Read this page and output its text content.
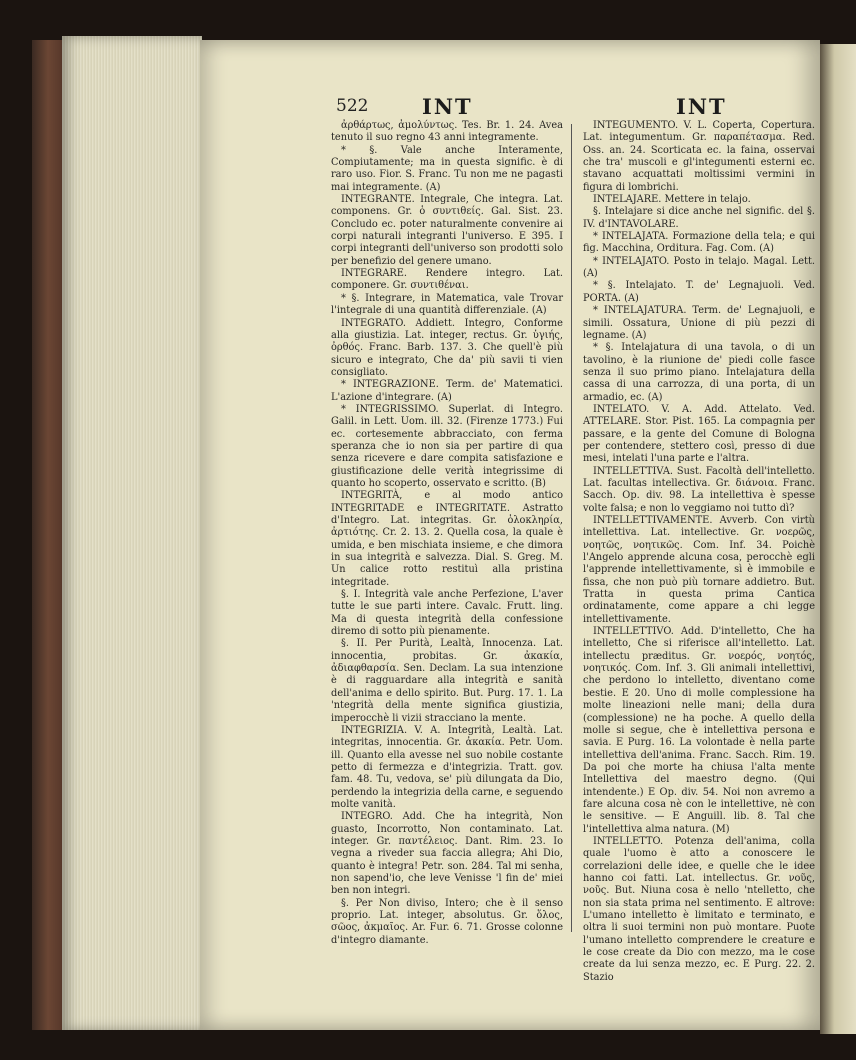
522	INT	INT

ἀρθάρτως, ἀμολύντως. Tes. Br. 1. 24. Avea tenuto il suo regno 43 anni integramente.

* §. Vale anche Interamente, Compiutamente; ma in questa signific. è di raro uso. Fior. S. Franc. Tu non me ne pagasti mai integramente. (A)

INTEGRANTE. Integrale, Che integra. Lat. componens. Gr. ὁ συντιθείς. Gal. Sist. 23. Concludo ec. poter naturalmente convenire ai corpi naturali integranti l'universo. E 395. I corpi integranti dell'universo son prodotti solo per benefizio del genere umano.

INTEGRARE. Rendere integro. Lat. componere. Gr. συντιθέναι.

* §. Integrare, in Matematica, vale Trovar l'integrale di una quantità differenziale. (A)

INTEGRATO. Addiett. Integro, Conforme alla giustizia. Lat. integer, rectus. Gr. ὑγιής, ὀρθός. Franc. Barb. 137. 3. Che quell'è più sicuro e integrato, Che da' più savii ti vien consigliato.

* INTEGRAZIONE. Term. de' Matematici. L'azione d'integrare. (A)

* INTEGRISSIMO. Superlat. di Integro. Galil. in Lett. Uom. ill. 32. (Firenze 1773.) Fui ec. cortesemente abbracciato, con ferma speranza che io non sia per partire di qua senza ricevere e dare compita satisfazione e giustificazione delle verità integrissime di quanto ho scoperto, osservato e scritto. (B)

INTEGRITÀ, e al modo antico INTEGRITADE e INTEGRITATE. Astratto d'Integro. Lat. integritas. Gr. ὁλοκληρία, ἀρτιότης. Cr. 2. 13. 2. Quella cosa, la quale è umida, e ben mischiata insieme, e che dimora in sua integrità e salvezza. Dial. S. Greg. M. Un calice rotto restituì alla pristina integritade.

§. I. Integrità vale anche Perfezione, L'aver tutte le sue parti intere. Cavalc. Frutt. ling. Ma di questa integrità della confessione diremo di sotto più pienamente.

§. II. Per Purità, Lealtà, Innocenza. Lat. innocentia, probitas. Gr. ἀκακία, ἀδιαφθαρσία. Sen. Declam. La sua intenzione è di ragguardare alla integrità e sanità dell'anima e dello spirito. But. Purg. 17. 1. La 'ntegrità della mente significa giustizia, imperocchè li vizii stracciano la mente.

INTEGRIZIA. V. A. Integrità, Lealtà. Lat. integritas, innocentia. Gr. ἀκακία. Petr. Uom. ill. Quanto ella avesse nel suo nobile costante petto di fermezza e d'integrizia. Tratt. gov. fam. 48. Tu, vedova, se' più dilungata da Dio, perdendo la integrizia della carne, e seguendo molte vanità.

INTEGRO. Add. Che ha integrità, Non guasto, Incorrotto, Non contaminato. Lat. integer. Gr. παντέλειος. Dant. Rim. 23. Io vegna a riveder sua faccia allegra; Ahi Dio, quanto è integra! Petr. son. 284. Tal mi senha, non sapend'io, che leve Venisse 'l fin de' miei ben non integri.

§. Per Non diviso, Intero; che è il senso proprio. Lat. integer, absolutus. Gr. ὅλος, σῶος, ἀκμαῖος. Ar. Fur. 6. 71. Grosse colonne d'integro diamante.

INTEGUMENTO. V. L. Coperta, Copertura. Lat. integumentum. Gr. παραπέτασμα. Red. Oss. an. 24. Scorticata ec. la faina, osservai che tra' muscoli e gl'integumenti esterni ec. stavano acquattati moltissimi vermini in figura di lombrichi.

INTELAJARE. Mettere in telajo.

§. Intelajare si dice anche nel signific. del §. IV. d'INTAVOLARE.

* INTELAJATA. Formazione della tela; e qui fig. Macchina, Orditura. Fag. Com. (A)

* INTELAJATO. Posto in telajo. Magal. Lett. (A)

* §. Intelajato. T. de' Legnajuoli. Ved. PORTA. (A)

* INTELAJATURA. Term. de' Legnajuoli, e simili. Ossatura, Unione di più pezzi di legname. (A)

* §. Intelajatura di una tavola, o di un tavolino, è la riunione de' piedi colle fasce senza il suo primo piano. Intelajatura della cassa di una carrozza, di una porta, di un armadio, ec. (A)

INTELATO. V. A. Add. Attelato. Ved. ATTELARE. Stor. Pist. 165. La compagnia per passare, e la gente del Comune di Bologna per contendere, stettero così, presso di due mesi, intelati l'una parte e l'altra.

INTELLETTIVA. Sust. Facoltà dell'intelletto. Lat. facultas intellectiva. Gr. διάνοια. Franc. Sacch. Op. div. 98. La intellettiva è spesse volte falsa; e non lo veggiamo noi tutto dì?

INTELLETTIVAMENTE. Avverb. Con virtù intellettiva. Lat. intellective. Gr. νοερῶς, νοητῶς, νοητικῶς. Com. Inf. 34. Poichè l'Angelo apprende alcuna cosa, perocchè egli l'apprende intellettivamente, sì è immobile e fissa, che non può più tornare addietro. But. Tratta in questa prima Cantica ordinatamente, come appare a chi legge intellettivamente.

INTELLETTIVO. Add. D'intelletto, Che ha intelletto, Che si riferisce all'intelletto. Lat. intellectu præditus. Gr. νοερός, νοητός, νοητικός. Com. Inf. 3. Gli animali intellettivi, che perdono lo intelletto, diventano come bestie. E 20. Uno di molle complessione ha molte lineazioni nelle mani; della dura (complessione) ne ha poche. A quello della molle si segue, che è intellettiva persona e savia. E Purg. 16. La volontade è nella parte intellettiva dell'anima. Franc. Sacch. Rim. 19. Da poi che morte ha chiusa l'alta mente Intellettiva del maestro degno. (Qui intendente.) E Op. div. 54. Noi non avremo a fare alcuna cosa nè con le intellettive, nè con le sensitive. — E Anguill. lib. 8. Tal che l'intellettiva alma natura. (M)

INTELLETTO. Potenza dell'anima, colla quale l'uomo è atto a conoscere le correlazioni delle idee, e quelle che le idee hanno coi fatti. Lat. intellectus. Gr. νοῦς, νοῦς. But. Niuna cosa è nello 'ntelletto, che non sia stata prima nel sentimento. E altrove: L'umano intelletto è limitato e terminato, e oltra li suoi termini non può montare. Puote l'umano intelletto comprendere le creature e le cose create da Dio con mezzo, ma le cose create da lui senza mezzo, ec. E Purg. 22. 2. Stazio
